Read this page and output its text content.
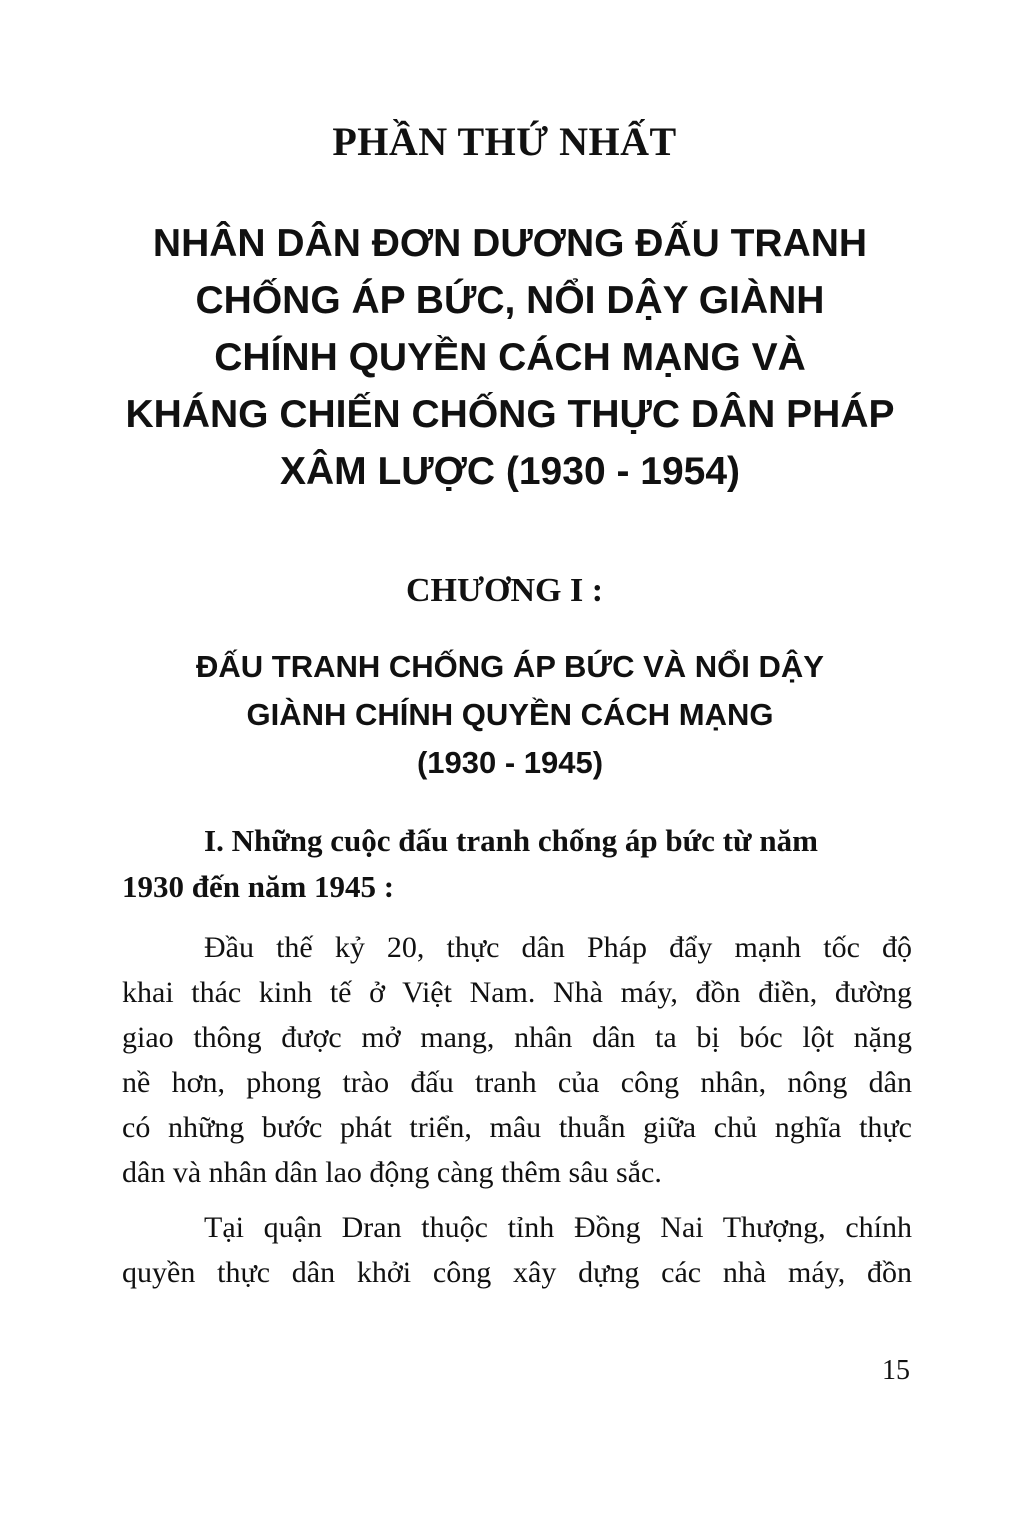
PHẦN THỨ NHẤT
NHÂN DÂN ĐƠN DƯƠNG ĐẤU TRANH
CHỐNG ÁP BỨC, NỔI DẬY GIÀNH
CHÍNH QUYỀN CÁCH MẠNG VÀ
KHÁNG CHIẾN CHỐNG THỰC DÂN PHÁP
XÂM LƯỢC (1930 - 1954)
CHƯƠNG I :
ĐẤU TRANH CHỐNG ÁP BỨC VÀ NỔI DẬY
GIÀNH CHÍNH QUYỀN CÁCH MẠNG
(1930 - 1945)
I. Những cuộc đấu tranh chống áp bức từ năm
1930 đến năm 1945 :
Đầu thế kỷ 20, thực dân Pháp đẩy mạnh tốc độ
khai thác kinh tế ở Việt Nam. Nhà máy, đồn điền, đường
giao thông được mở mang, nhân dân ta bị bóc lột nặng
nề hơn, phong trào đấu tranh của công nhân, nông dân
có những bước phát triển, mâu thuẫn giữa chủ nghĩa thực
dân và nhân dân lao động càng thêm sâu sắc.
Tại quận Dran thuộc tỉnh Đồng Nai Thượng, chính
quyền thực dân khởi công xây dựng các nhà máy, đồn
15
